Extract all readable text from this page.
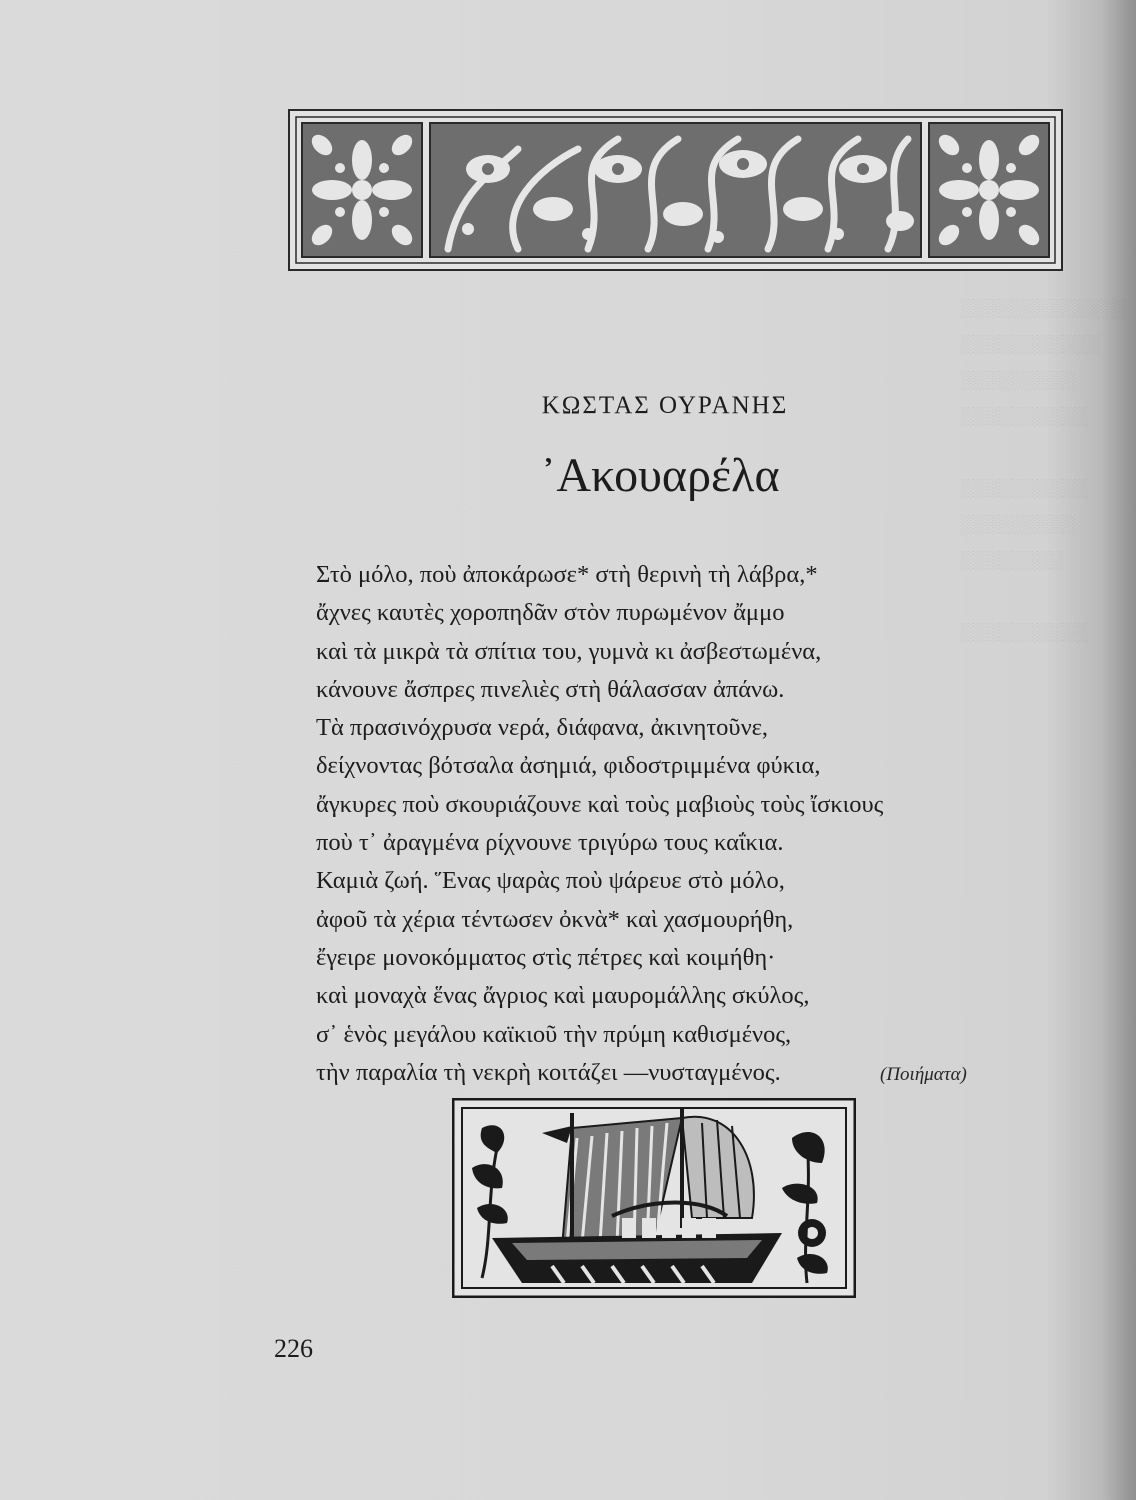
░░░░░░░░░░░░░
░░░░░░░░░░░
░░░░░░░░░
░░░░░░░░░░

░░░░░░░░░░
░░░░░░░░░
░░░░░░░░

░░░░░░░░░░
ΚΩΣΤΑΣ ΟΥΡΑΝΗΣ
᾿Ακουαρέλα
Στὸ μόλο, ποὺ ἀποκάρωσε* στὴ θερινὴ τὴ λάβρα,*
ἄχνες καυτὲς χοροπηδᾶν στὸν πυρωμένον ἄμμο
καὶ τὰ μικρὰ τὰ σπίτια του, γυμνὰ κι ἀσβεστωμένα,
κάνουνε ἄσπρες πινελιὲς στὴ θάλασσαν ἀπάνω.
Τὰ πρασινόχρυσα νερά, διάφανα, ἀκινητοῦνε,
δείχνοντας βότσαλα ἀσημιά, φιδοστριμμένα φύκια,
ἄγκυρες ποὺ σκουριάζουνε καὶ τοὺς μαβιοὺς τοὺς ἴσκιους
ποὺ τ᾿ ἀραγμένα ρίχνουνε τριγύρω τους καΐκια.
Καμιὰ ζωή. Ἕνας ψαρὰς ποὺ ψάρευε στὸ μόλο,
ἀφοῦ τὰ χέρια τέντωσεν ὀκνὰ* καὶ χασμουρήθη,
ἔγειρε μονοκόμματος στὶς πέτρες καὶ κοιμήθη·
καὶ μοναχὰ ἕνας ἄγριος καὶ μαυρομάλλης σκύλος,
σ᾿ ἑνὸς μεγάλου καϊκιοῦ τὴν πρύμη καθισμένος,
τὴν παραλία τὴ νεκρὴ κοιτάζει —νυσταγμένος.	(Ποιήματα)
226
